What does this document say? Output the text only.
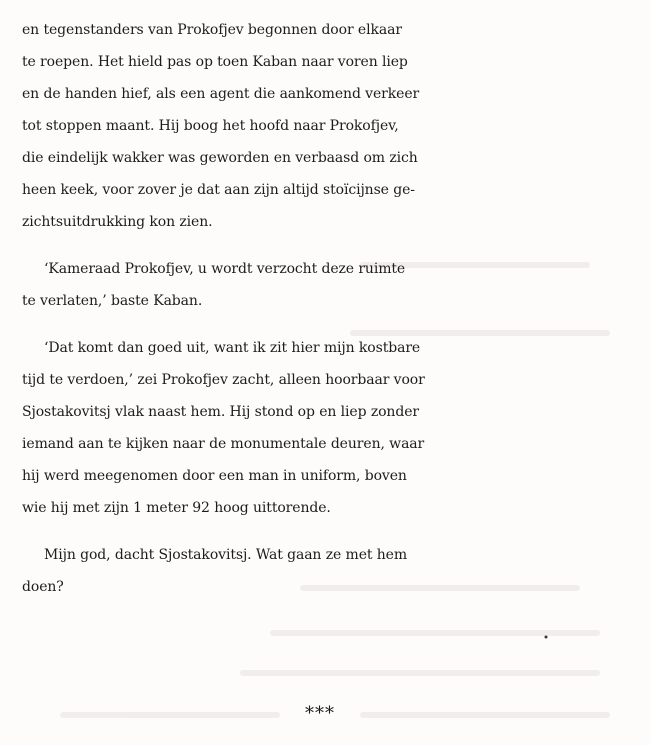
en tegenstanders van Prokofjev begonnen door elkaar
te roepen. Het hield pas op toen Kaban naar voren liep
en de handen hief, als een agent die aankomend verkeer
tot stoppen maant. Hij boog het hoofd naar Prokofjev,
die eindelijk wakker was geworden en verbaasd om zich
heen keek, voor zover je dat aan zijn altijd stoïcijnse ge-
zichtsuitdrukking kon zien.
‘Kameraad Prokofjev, u wordt verzocht deze ruimte
te verlaten,’ baste Kaban.
‘Dat komt dan goed uit, want ik zit hier mijn kostbare
tijd te verdoen,’ zei Prokofjev zacht, alleen hoorbaar voor
Sjostakovitsj vlak naast hem. Hij stond op en liep zonder
iemand aan te kijken naar de monumentale deuren, waar
hij werd meegenomen door een man in uniform, boven
wie hij met zijn 1 meter 92 hoog uittorende.
Mijn god, dacht Sjostakovitsj. Wat gaan ze met hem
doen?
***
